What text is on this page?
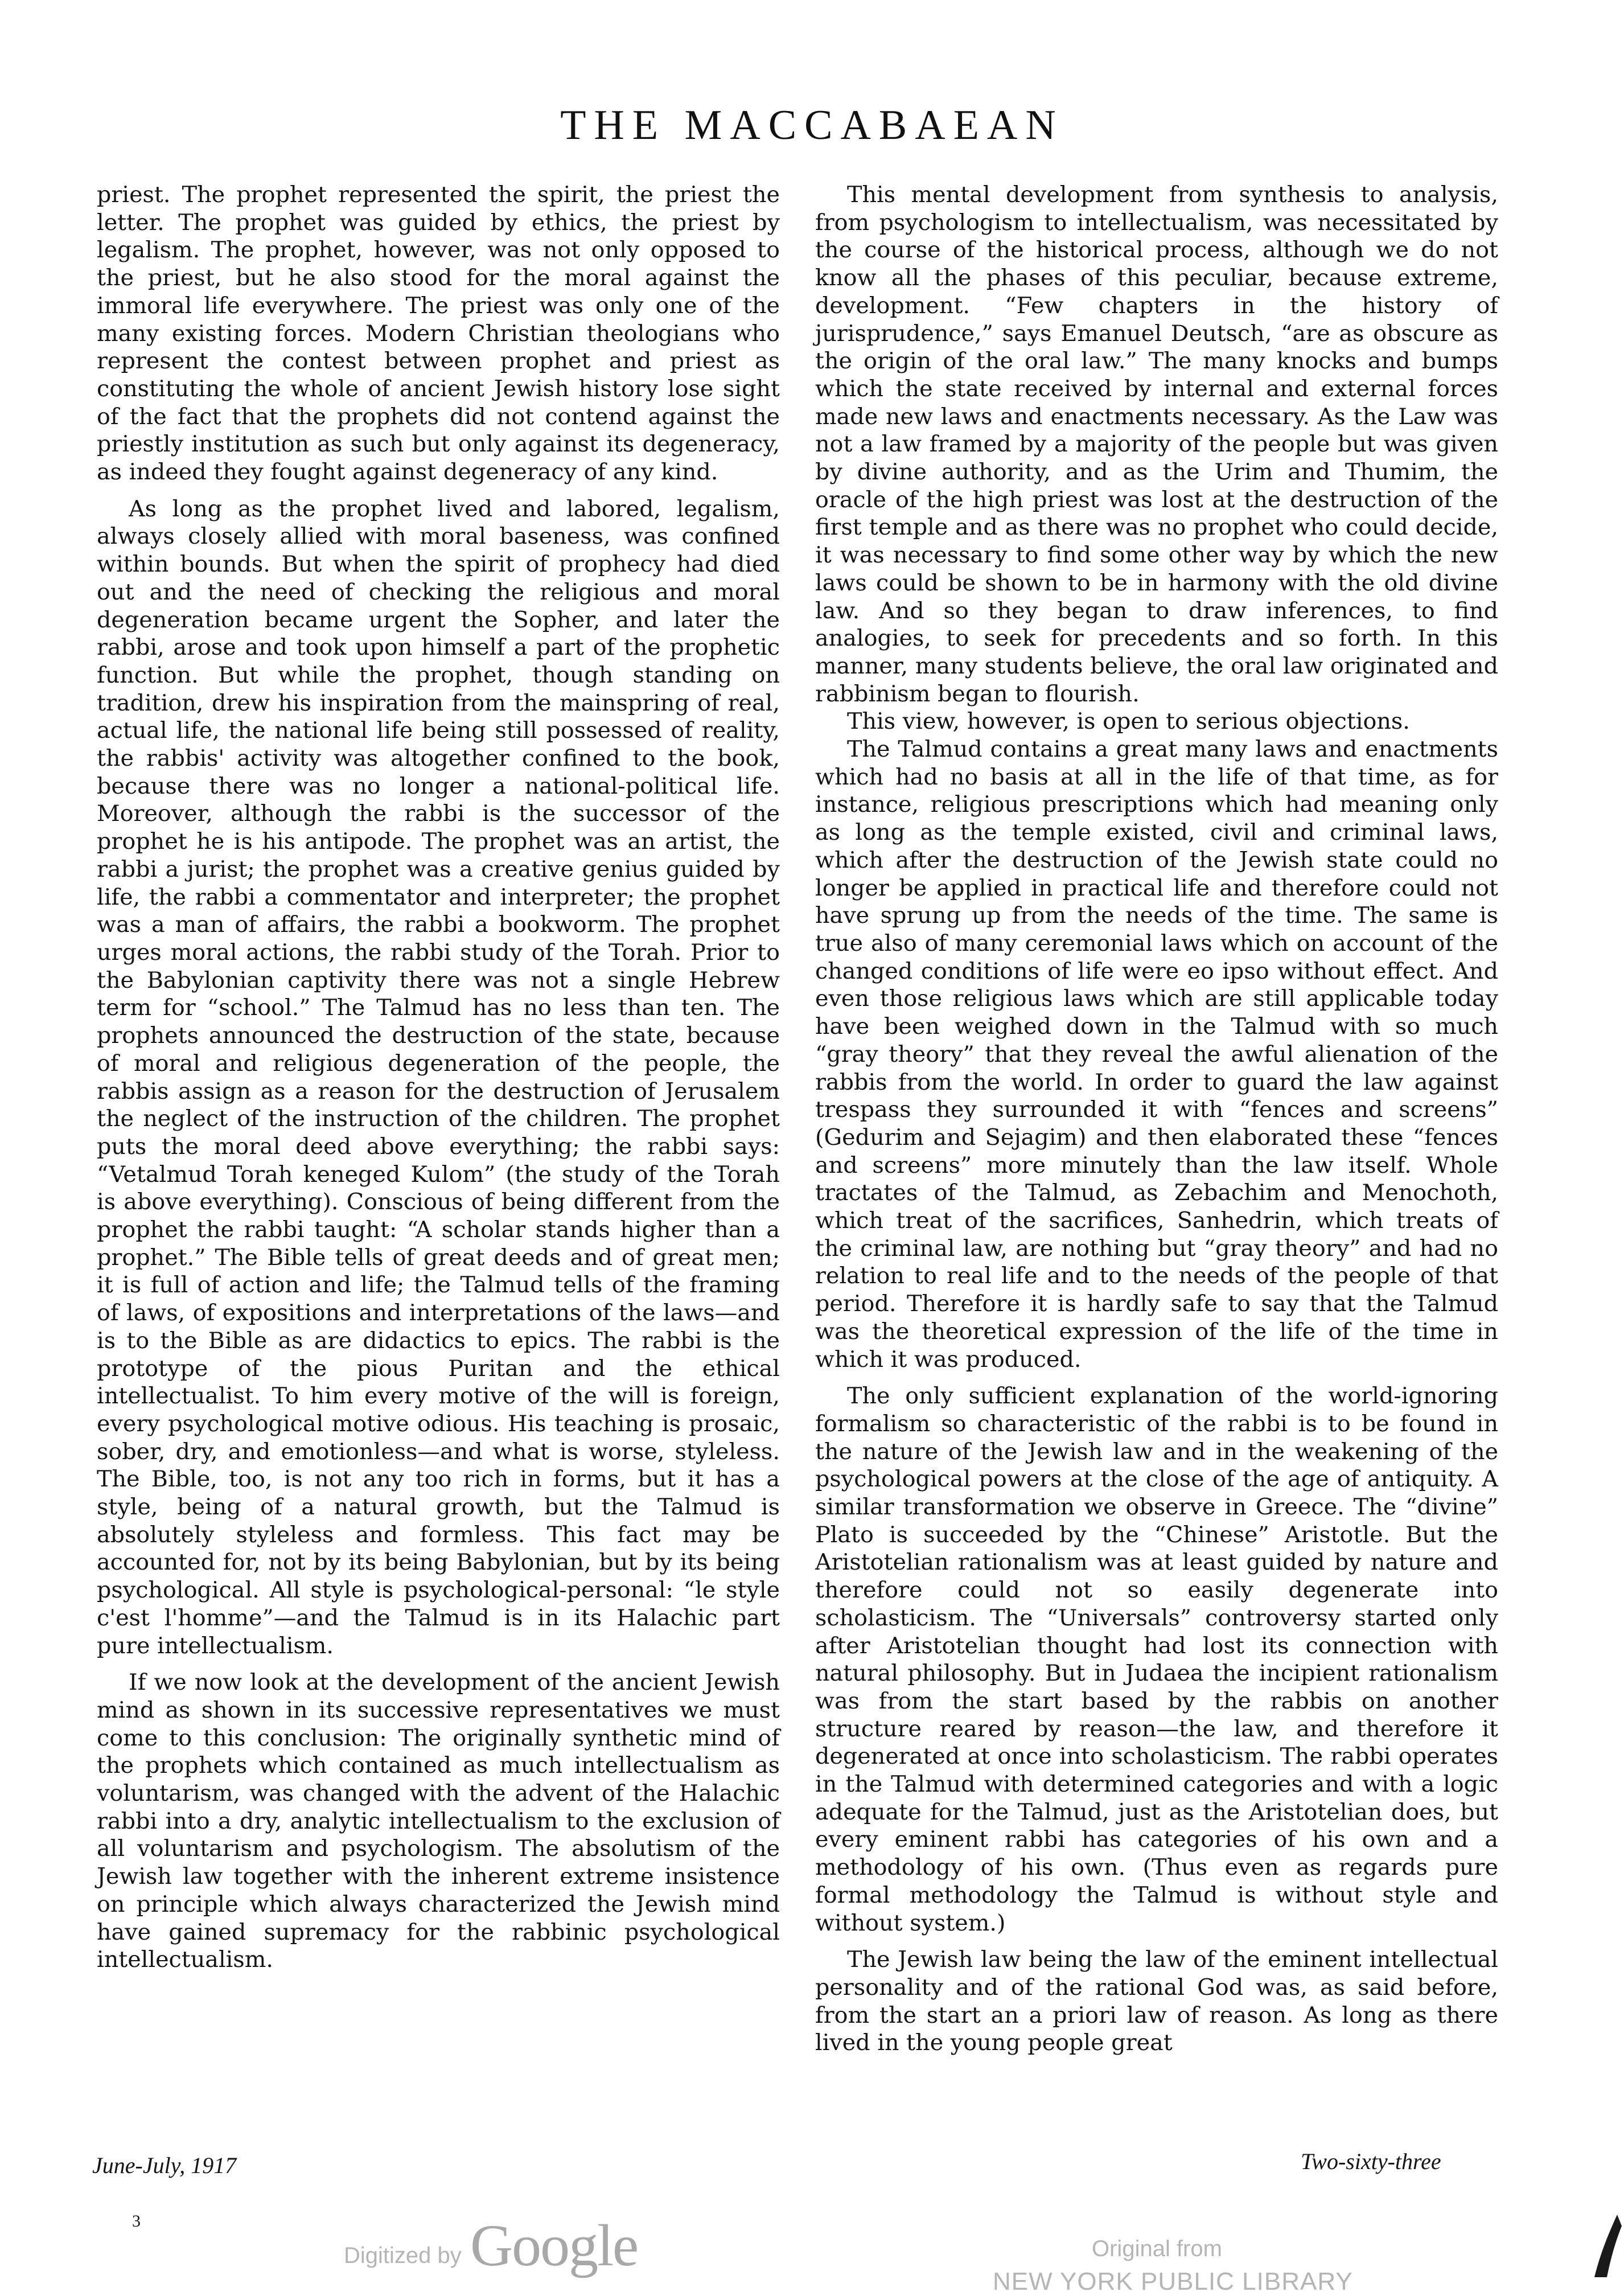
THE MACCABAEAN

priest. The prophet represented the spirit, the priest the letter. The prophet was guided by ethics, the priest by legalism. The prophet, however, was not only opposed to the priest, but he also stood for the moral against the immoral life everywhere. The priest was only one of the many existing forces. Modern Christian theologians who represent the contest between prophet and priest as constituting the whole of ancient Jewish history lose sight of the fact that the prophets did not contend against the priestly institution as such but only against its degeneracy, as indeed they fought against degeneracy of any kind.

As long as the prophet lived and labored, legalism, always closely allied with moral baseness, was confined within bounds. But when the spirit of prophecy had died out and the need of checking the religious and moral degeneration became urgent the Sopher, and later the rabbi, arose and took upon himself a part of the prophetic function. But while the prophet, though standing on tradition, drew his inspiration from the mainspring of real, actual life, the national life being still possessed of reality, the rabbis' activity was altogether confined to the book, because there was no longer a national-political life. Moreover, although the rabbi is the successor of the prophet he is his antipode. The prophet was an artist, the rabbi a jurist; the prophet was a creative genius guided by life, the rabbi a commentator and interpreter; the prophet was a man of affairs, the rabbi a bookworm. The prophet urges moral actions, the rabbi study of the Torah. Prior to the Babylonian captivity there was not a single Hebrew term for “school.” The Talmud has no less than ten. The prophets announced the destruction of the state, because of moral and religious degeneration of the people, the rabbis assign as a reason for the destruction of Jerusalem the neglect of the instruction of the children. The prophet puts the moral deed above everything; the rabbi says: “Vetalmud Torah keneged Kulom” (the study of the Torah is above everything). Conscious of being different from the prophet the rabbi taught: “A scholar stands higher than a prophet.” The Bible tells of great deeds and of great men; it is full of action and life; the Talmud tells of the framing of laws, of expositions and interpretations of the laws—and is to the Bible as are didactics to epics. The rabbi is the prototype of the pious Puritan and the ethical intellectualist. To him every motive of the will is foreign, every psychological motive odious. His teaching is prosaic, sober, dry, and emotionless—and what is worse, styleless. The Bible, too, is not any too rich in forms, but it has a style, being of a natural growth, but the Talmud is absolutely styleless and formless. This fact may be accounted for, not by its being Babylonian, but by its being psychological. All style is psychological-personal: “le style c'est l'homme”—and the Talmud is in its Halachic part pure intellectualism.

If we now look at the development of the ancient Jewish mind as shown in its successive representatives we must come to this conclusion: The originally synthetic mind of the prophets which contained as much intellectualism as voluntarism, was changed with the advent of the Halachic rabbi into a dry, analytic intellectualism to the exclusion of all voluntarism and psychologism. The absolutism of the Jewish law together with the inherent extreme insistence on principle which always characterized the Jewish mind have gained supremacy for the rabbinic psychological intellectualism.

This mental development from synthesis to analysis, from psychologism to intellectualism, was necessitated by the course of the historical process, although we do not know all the phases of this peculiar, because extreme, development. “Few chapters in the history of jurisprudence,” says Emanuel Deutsch, “are as obscure as the origin of the oral law.” The many knocks and bumps which the state received by internal and external forces made new laws and enactments necessary. As the Law was not a law framed by a majority of the people but was given by divine authority, and as the Urim and Thumim, the oracle of the high priest was lost at the destruction of the first temple and as there was no prophet who could decide, it was necessary to find some other way by which the new laws could be shown to be in harmony with the old divine law. And so they began to draw inferences, to find analogies, to seek for precedents and so forth. In this manner, many students believe, the oral law originated and rabbinism began to flourish.

This view, however, is open to serious objections.

The Talmud contains a great many laws and enactments which had no basis at all in the life of that time, as for instance, religious prescriptions which had meaning only as long as the temple existed, civil and criminal laws, which after the destruction of the Jewish state could no longer be applied in practical life and therefore could not have sprung up from the needs of the time. The same is true also of many ceremonial laws which on account of the changed conditions of life were eo ipso without effect. And even those religious laws which are still applicable today have been weighed down in the Talmud with so much “gray theory” that they reveal the awful alienation of the rabbis from the world. In order to guard the law against trespass they surrounded it with “fences and screens” (Gedurim and Sejagim) and then elaborated these “fences and screens” more minutely than the law itself. Whole tractates of the Talmud, as Zebachim and Menochoth, which treat of the sacrifices, Sanhedrin, which treats of the criminal law, are nothing but “gray theory” and had no relation to real life and to the needs of the people of that period. Therefore it is hardly safe to say that the Talmud was the theoretical expression of the life of the time in which it was produced.

The only sufficient explanation of the world-ignoring formalism so characteristic of the rabbi is to be found in the nature of the Jewish law and in the weakening of the psychological powers at the close of the age of antiquity. A similar transformation we observe in Greece. The “divine” Plato is succeeded by the “Chinese” Aristotle. But the Aristotelian rationalism was at least guided by nature and therefore could not so easily degenerate into scholasticism. The “Universals” controversy started only after Aristotelian thought had lost its connection with natural philosophy. But in Judaea the incipient rationalism was from the start based by the rabbis on another structure reared by reason—the law, and therefore it degenerated at once into scholasticism. The rabbi operates in the Talmud with determined categories and with a logic adequate for the Talmud, just as the Aristotelian does, but every eminent rabbi has categories of his own and a methodology of his own. (Thus even as regards pure formal methodology the Talmud is without style and without system.)

The Jewish law being the law of the eminent intellectual personality and of the rational God was, as said before, from the start an a priori law of reason. As long as there lived in the young people great

June-July, 1917	Two-sixty-three
3
Digitized by Google	Original from
NEW YORK PUBLIC LIBRARY
